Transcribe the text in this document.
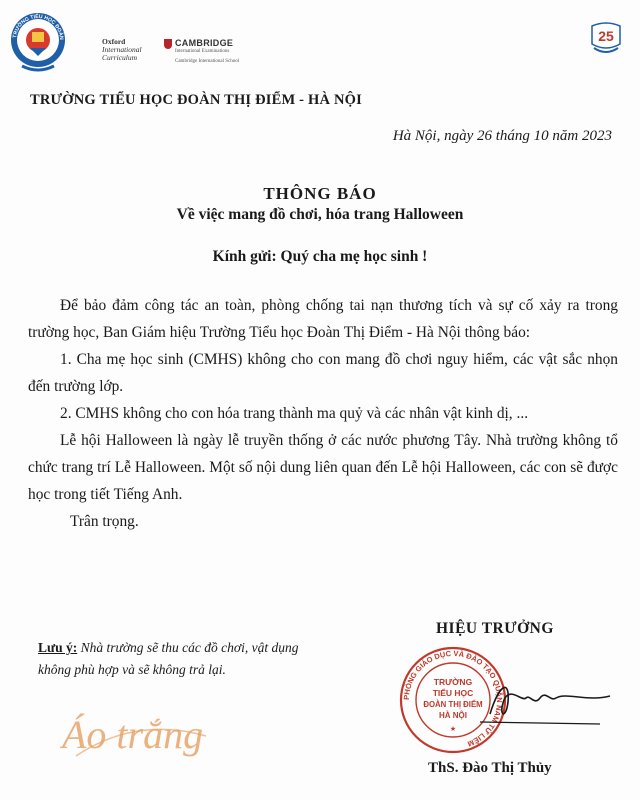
TRƯỜNG TIỂU HỌC ĐOÀN	Oxford
International
Curriculum
CAMBRIDGE
International Examinations
Cambridge International School
25
TRƯỜNG TIỂU HỌC ĐOÀN THỊ ĐIỂM - HÀ NỘI
Hà Nội, ngày 26 tháng 10 năm 2023
THÔNG BÁO
Về việc mang đồ chơi, hóa trang Halloween
Kính gửi: Quý cha mẹ học sinh !

Để bảo đảm công tác an toàn, phòng chống tai nạn thương tích và sự cố xảy ra trong trường học, Ban Giám hiệu Trường Tiểu học Đoàn Thị Điểm - Hà Nội thông báo:

1. Cha mẹ học sinh (CMHS) không cho con mang đồ chơi nguy hiểm, các vật sắc nhọn đến trường lớp.

2. CMHS không cho con hóa trang thành ma quỷ và các nhân vật kinh dị, ...

Lễ hội Halloween là ngày lễ truyền thống ở các nước phương Tây. Nhà trường không tổ chức trang trí Lễ Halloween. Một số nội dung liên quan đến Lễ hội Halloween, các con sẽ được học trong tiết Tiếng Anh.

Trân trọng.

Lưu ý: Nhà trường sẽ thu các đồ chơi, vật dụng không phù hợp và sẽ không trả lại.
HIỆU TRƯỞNG
PHÒNG GIÁO DỤC VÀ ĐÀO TẠO QUẬN NAM TỪ LIÊM
TRƯỜNG
TIỂU HỌC
ĐOÀN THỊ ĐIỂM
HÀ NỘI
★
ThS. Đào Thị Thủy
Áo trắng
